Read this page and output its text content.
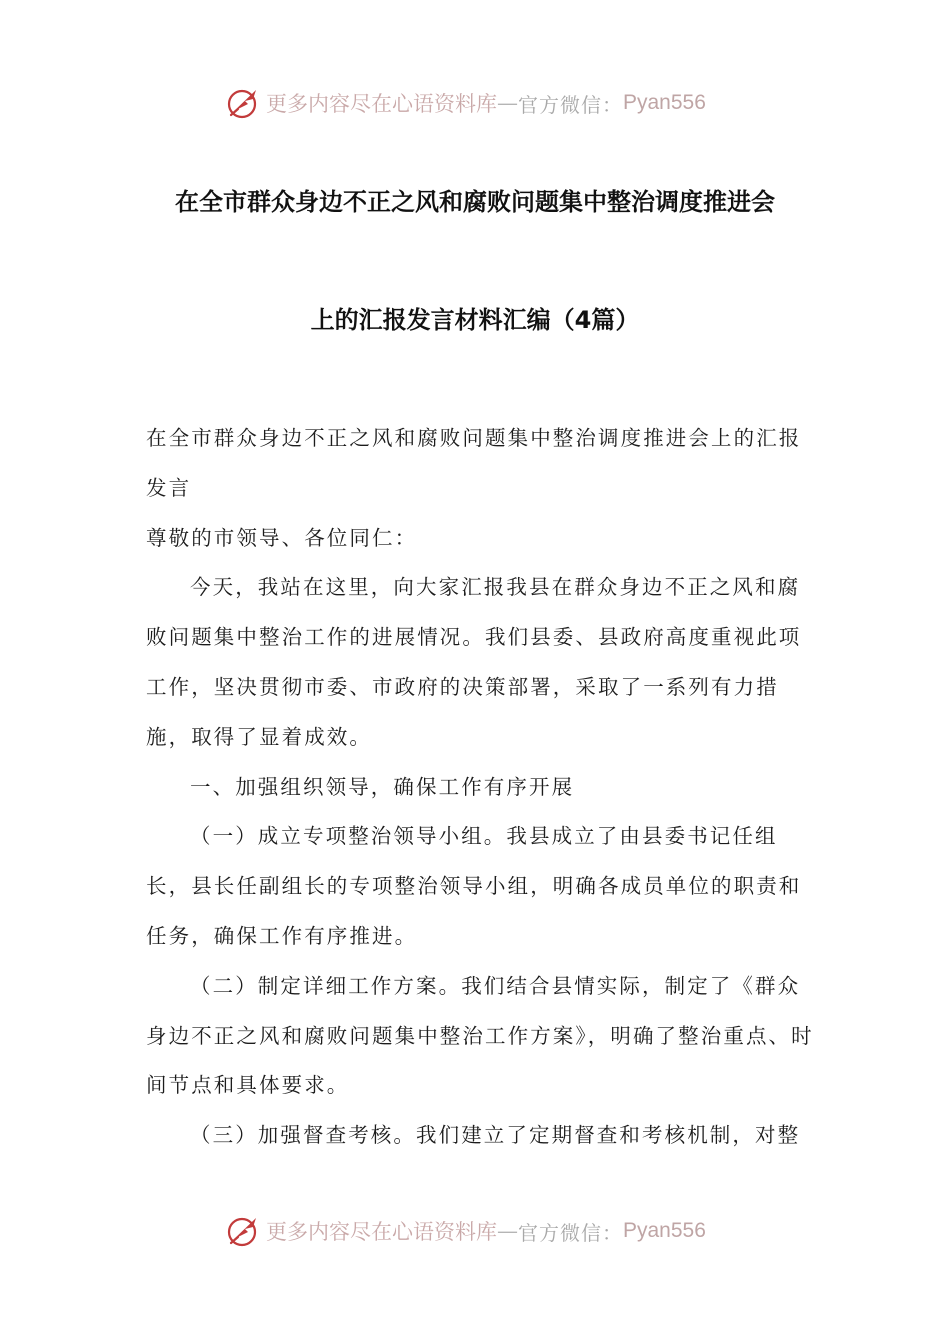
更多内容尽在心语资料库 — 官方微信： Pyan556
在全市群众身边不正之风和腐败问题集中整治调度推进会
上的汇报发言材料汇编（4篇）

在全市群众身边不正之风和腐败问题集中整治调度推进会上的汇报发言

尊敬的市领导、各位同仁：

今天，我站在这里，向大家汇报我县在群众身边不正之风和腐败问题集中整治工作的进展情况。我们县委、县政府高度重视此项工作，坚决贯彻市委、市政府的决策部署，采取了一系列有力措施，取得了显着成效。

一、加强组织领导，确保工作有序开展

（一）成立专项整治领导小组。我县成立了由县委书记任组长，县长任副组长的专项整治领导小组，明确各成员单位的职责和任务，确保工作有序推进。

（二）制定详细工作方案。我们结合县情实际，制定了《群众身边不正之风和腐败问题集中整治工作方案》，明确了整治重点、时间节点和具体要求。

（三）加强督查考核。我们建立了定期督查和考核机制，对整

更多内容尽在心语资料库 — 官方微信： Pyan556
